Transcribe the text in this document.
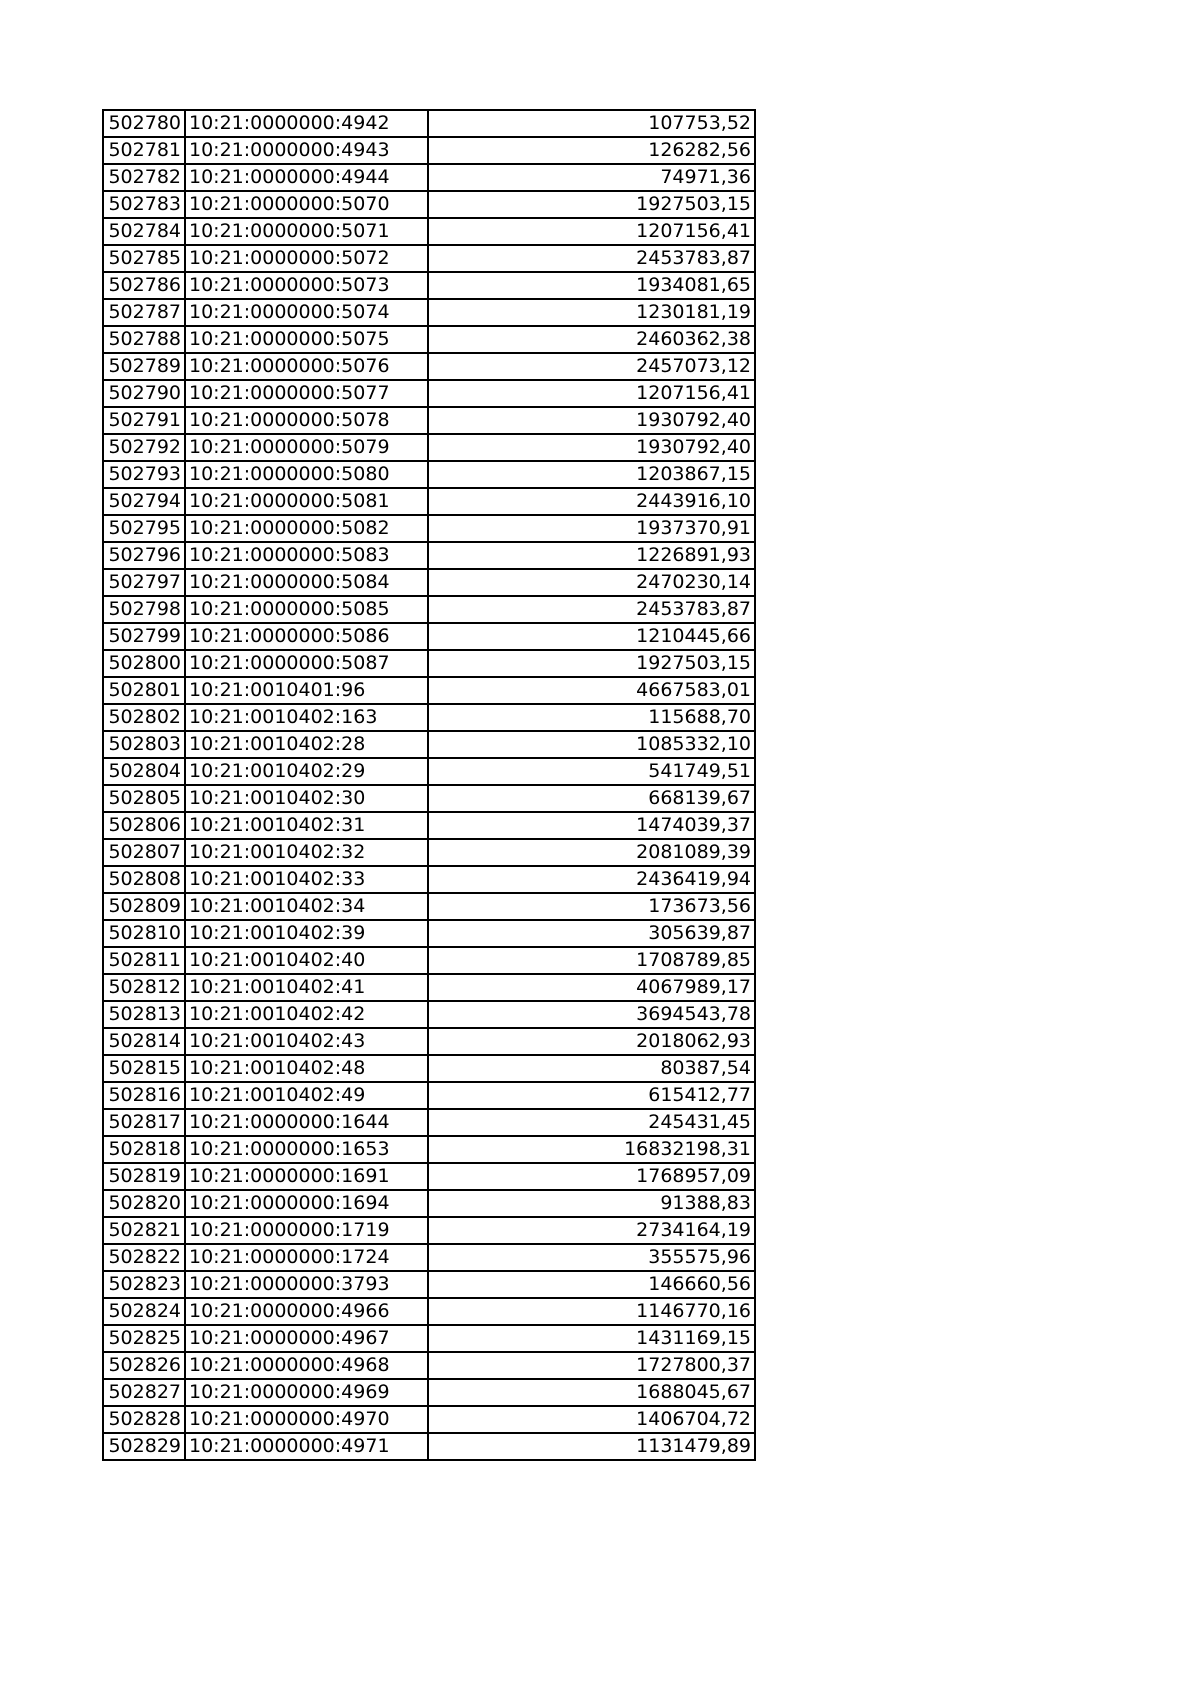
502780	10:21:0000000:4942	107753,52
502781	10:21:0000000:4943	126282,56
502782	10:21:0000000:4944	74971,36
502783	10:21:0000000:5070	1927503,15
502784	10:21:0000000:5071	1207156,41
502785	10:21:0000000:5072	2453783,87
502786	10:21:0000000:5073	1934081,65
502787	10:21:0000000:5074	1230181,19
502788	10:21:0000000:5075	2460362,38
502789	10:21:0000000:5076	2457073,12
502790	10:21:0000000:5077	1207156,41
502791	10:21:0000000:5078	1930792,40
502792	10:21:0000000:5079	1930792,40
502793	10:21:0000000:5080	1203867,15
502794	10:21:0000000:5081	2443916,10
502795	10:21:0000000:5082	1937370,91
502796	10:21:0000000:5083	1226891,93
502797	10:21:0000000:5084	2470230,14
502798	10:21:0000000:5085	2453783,87
502799	10:21:0000000:5086	1210445,66
502800	10:21:0000000:5087	1927503,15
502801	10:21:0010401:96	4667583,01
502802	10:21:0010402:163	115688,70
502803	10:21:0010402:28	1085332,10
502804	10:21:0010402:29	541749,51
502805	10:21:0010402:30	668139,67
502806	10:21:0010402:31	1474039,37
502807	10:21:0010402:32	2081089,39
502808	10:21:0010402:33	2436419,94
502809	10:21:0010402:34	173673,56
502810	10:21:0010402:39	305639,87
502811	10:21:0010402:40	1708789,85
502812	10:21:0010402:41	4067989,17
502813	10:21:0010402:42	3694543,78
502814	10:21:0010402:43	2018062,93
502815	10:21:0010402:48	80387,54
502816	10:21:0010402:49	615412,77
502817	10:21:0000000:1644	245431,45
502818	10:21:0000000:1653	16832198,31
502819	10:21:0000000:1691	1768957,09
502820	10:21:0000000:1694	91388,83
502821	10:21:0000000:1719	2734164,19
502822	10:21:0000000:1724	355575,96
502823	10:21:0000000:3793	146660,56
502824	10:21:0000000:4966	1146770,16
502825	10:21:0000000:4967	1431169,15
502826	10:21:0000000:4968	1727800,37
502827	10:21:0000000:4969	1688045,67
502828	10:21:0000000:4970	1406704,72
502829	10:21:0000000:4971	1131479,89
